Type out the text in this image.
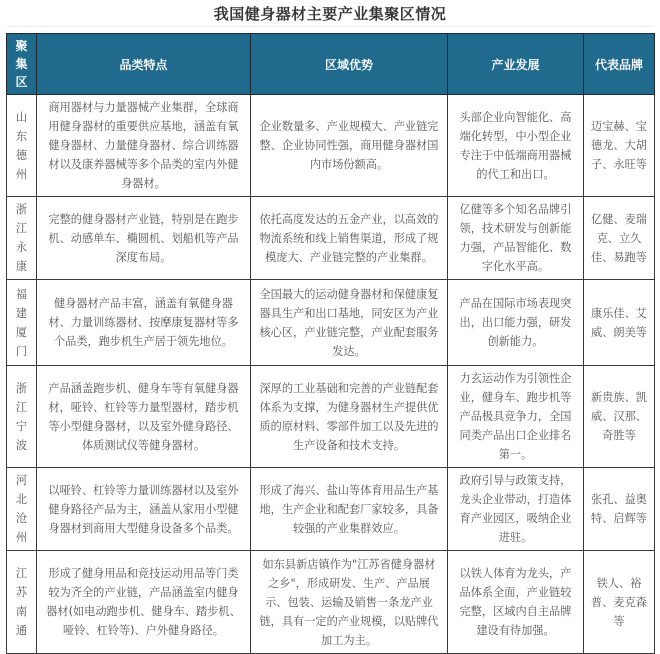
我国健身器材主要产业集聚区情况
聚
集
区	品类特点	区域优势	产业发展	代表品牌

山
东
德
州	商用器材与力量器械产业集群，全球商用健身器材的重要供应基地，涵盖有氧健身器材、力量健身器材、综合训练器材以及康养器械等多个品类的室内外健身器材。	企业数量多、产业规模大、产业链完整、企业协同性强，商用健身器材国内市场份额高。	头部企业向智能化、高端化转型，中小型企业专注于中低端商用器械的代工和出口。	迈宝赫、宝德龙、大胡子、永旺等

浙
江
永
康	完整的健身器材产业链，特别是在跑步机、动感单车、椭圆机、划船机等产品深度布局。	依托高度发达的五金产业，以高效的物流系统和线上销售渠道，形成了规模庞大、产业链完整的产业集群。	亿健等多个知名品牌引领，技术研发与创新能力强，产品智能化、数字化水平高。	亿健、麦瑞克、立久佳、易跑等

福
建
厦
门	健身器材产品丰富，涵盖有氧健身器材、力量训练器材、按摩康复器材等多个品类，跑步机生产居于领先地位。	全国最大的运动健身器材和保健康复器具生产和出口基地，同安区为产业核心区，产业链完整，产业配套服务发达。	产品在国际市场表现突出，出口能力强，研发创新能力。	康乐佳、艾威、朗美等

浙
江
宁
波	产品涵盖跑步机、健身车等有氧健身器材，哑铃、杠铃等力量型器材，踏步机等小型健身器材，以及室外健身路径、体质测试仪等健身器材。	深厚的工业基础和完善的产业链配套体系为支撑，为健身器材生产提供优质的原材料、零部件加工以及先进的生产设备和技术支持。	力玄运动作为引领性企业，健身车、跑步机等产品极具竞争力，全国同类产品出口企业排名第一。	新贵族、凯威、汉那、奇胜等

河
北
沧
州	以哑铃、杠铃等力量训练器材以及室外健身路径产品为主，涵盖从家用小型健身器材到商用大型健身设备多个品类。	形成了海兴、盐山等体育用品生产基地，生产企业和配套厂家较多，具备较强的产业集群效应。	政府引导与政策支持，龙头企业带动，打造体育产业园区，吸纳企业进驻。	张孔、益奥特、启辉等

江
苏
南
通	形成了健身用品和竞技运动用品等门类较为齐全的产业链，产品涵盖室内健身器材(如电动跑步机、健身车、踏步机、哑铃、杠铃等)、户外健身路径。	如东县新店镇作为"江苏省健身器材之乡"，形成研发、生产、产品展示、包装、运输及销售一条龙产业链，具有一定的产业规模，以贴牌代加工为主。	以铁人体育为龙头，产品体系全面，产业链较完整，区域内自主品牌建设有待加强。	铁人、裕普、麦克森等
